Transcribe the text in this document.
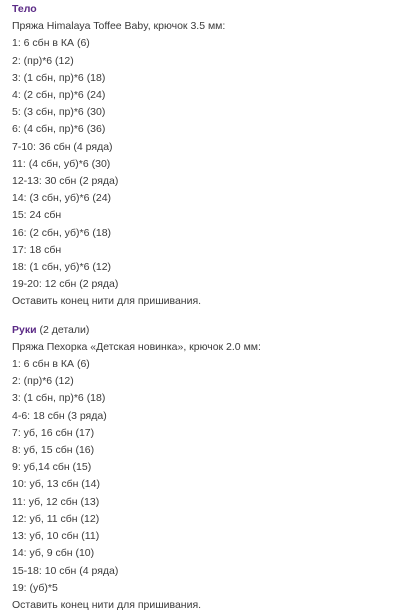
Тело
Пряжа Himalaya Toffee Baby, крючок 3.5 мм:
1: 6 сбн в КА (6)
2: (пр)*6 (12)
3: (1 сбн, пр)*6 (18)
4: (2 сбн, пр)*6 (24)
5: (3 сбн, пр)*6 (30)
6: (4 сбн, пр)*6 (36)
7-10: 36 сбн (4 ряда)
11: (4 сбн, уб)*6 (30)
12-13: 30 сбн (2 ряда)
14: (3 сбн, уб)*6 (24)
15: 24 сбн
16: (2 сбн, уб)*6 (18)
17: 18 сбн
18: (1 сбн, уб)*6 (12)
19-20: 12 сбн (2 ряда)
Оставить конец нити для пришивания.
Руки (2 детали)
Пряжа Пехорка «Детская новинка», крючок 2.0 мм:
1: 6 сбн в КА (6)
2: (пр)*6 (12)
3: (1 сбн, пр)*6 (18)
4-6: 18 сбн (3 ряда)
7: уб, 16 сбн (17)
8: уб, 15 сбн (16)
9: уб,14 сбн (15)
10: уб, 13 сбн (14)
11: уб, 12 сбн (13)
12: уб, 11 сбн (12)
13: уб, 10 сбн (11)
14: уб, 9 сбн (10)
15-18: 10 сбн (4 ряда)
19: (уб)*5
Оставить конец нити для пришивания.
